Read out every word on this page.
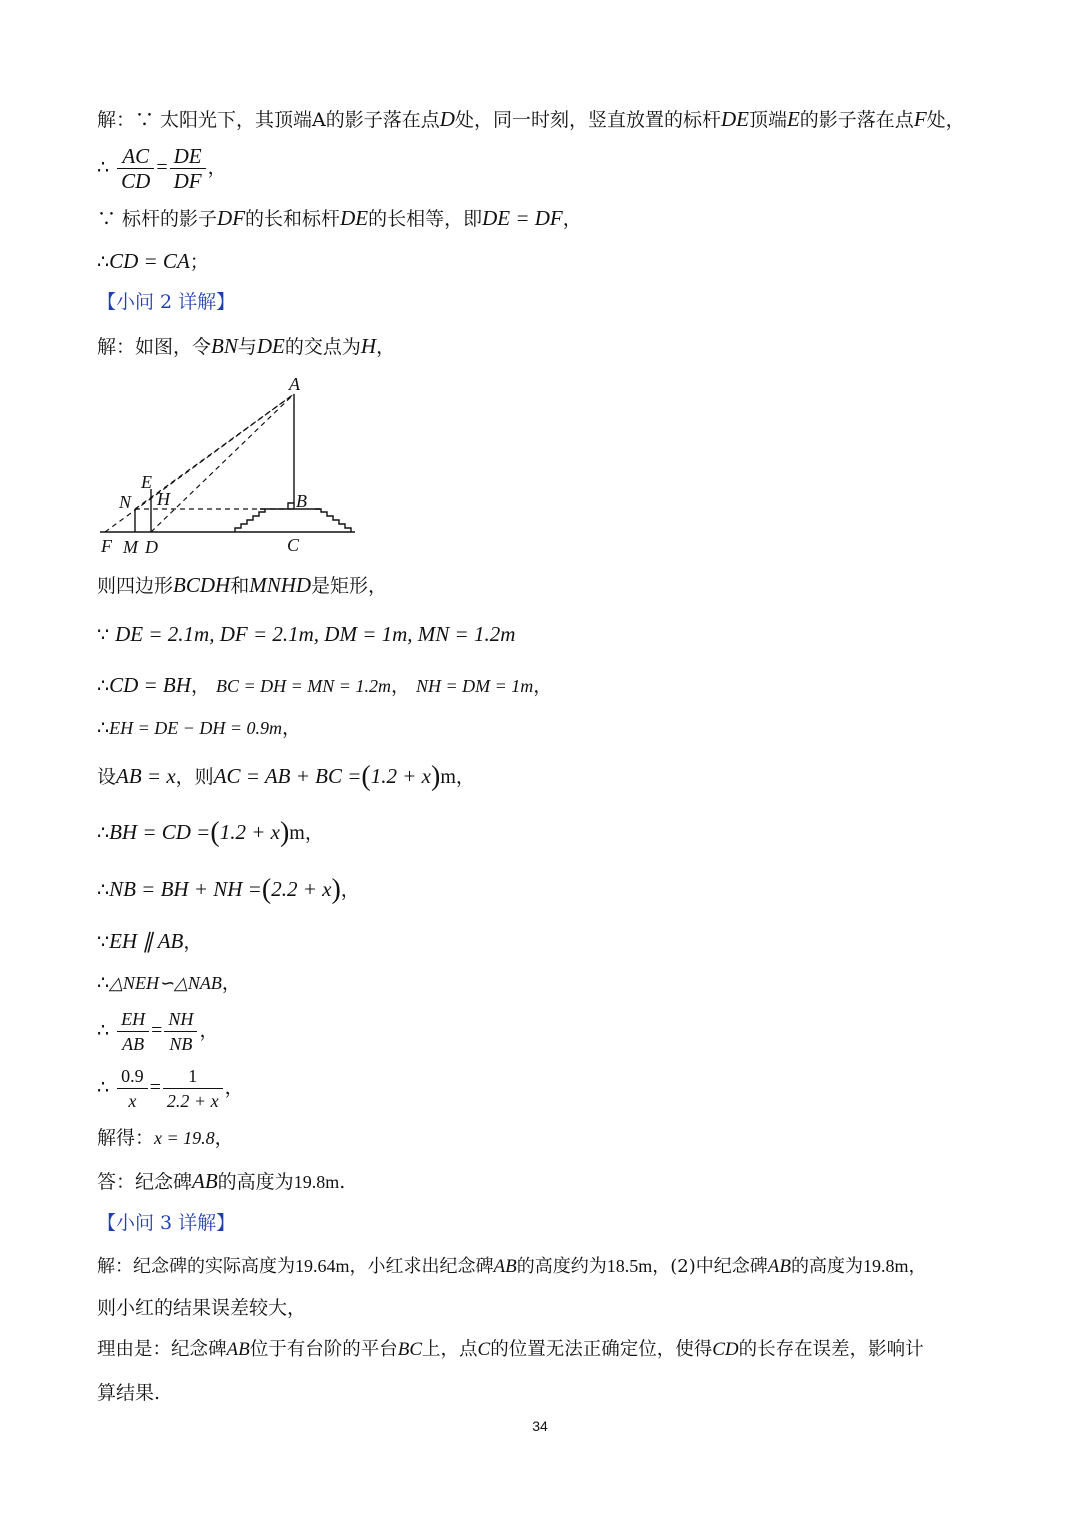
解：∵ 太阳光下，其顶端A的影子落在点D处，同一时刻，竖直放置的标杆DE顶端E的影子落在点F处，
∴ $\frac{AC}{CD} = \frac{DE}{DF}$ ，
∵ 标杆的影子DF的长和标杆DE的长相等，即DE = DF，
∴CD = CA；
【小问 2 详解】
解：如图，令BN与DE的交点为H，
A
E
N H	B
F M D	C
则四边形BCDH和MNHD是矩形，
∵ DE = 2.1m, DF = 2.1m, DM = 1m, MN = 1.2m
∴CD = BH， BC = DH = MN = 1.2m， NH = DM = 1m，
∴EH = DE − DH = 0.9m，
设AB = x，则AC = AB + BC =(1.2 + x)m，
∴BH = CD =(1.2 + x)m，
∴NB = BH + NH =(2.2 + x)，
∵EH ∥ AB，
∴△NEH∽△NAB，
∴ $\frac{EH}{AB} = \frac{NH}{NB}$ ，
∴ $\frac{0.9}{x} = \frac{1}{2.2 + x}$ ，
解得：x = 19.8，
答：纪念碑AB的高度为19.8m.
【小问 3 详解】
解：纪念碑的实际高度为19.64m，小红求出纪念碑AB的高度约为18.5m，(2)中纪念碑AB的高度为19.8m，
则小红的结果误差较大，
理由是：纪念碑AB位于有台阶的平台BC上，点C的位置无法正确定位，使得CD的长存在误差，影响计
算结果.
34
